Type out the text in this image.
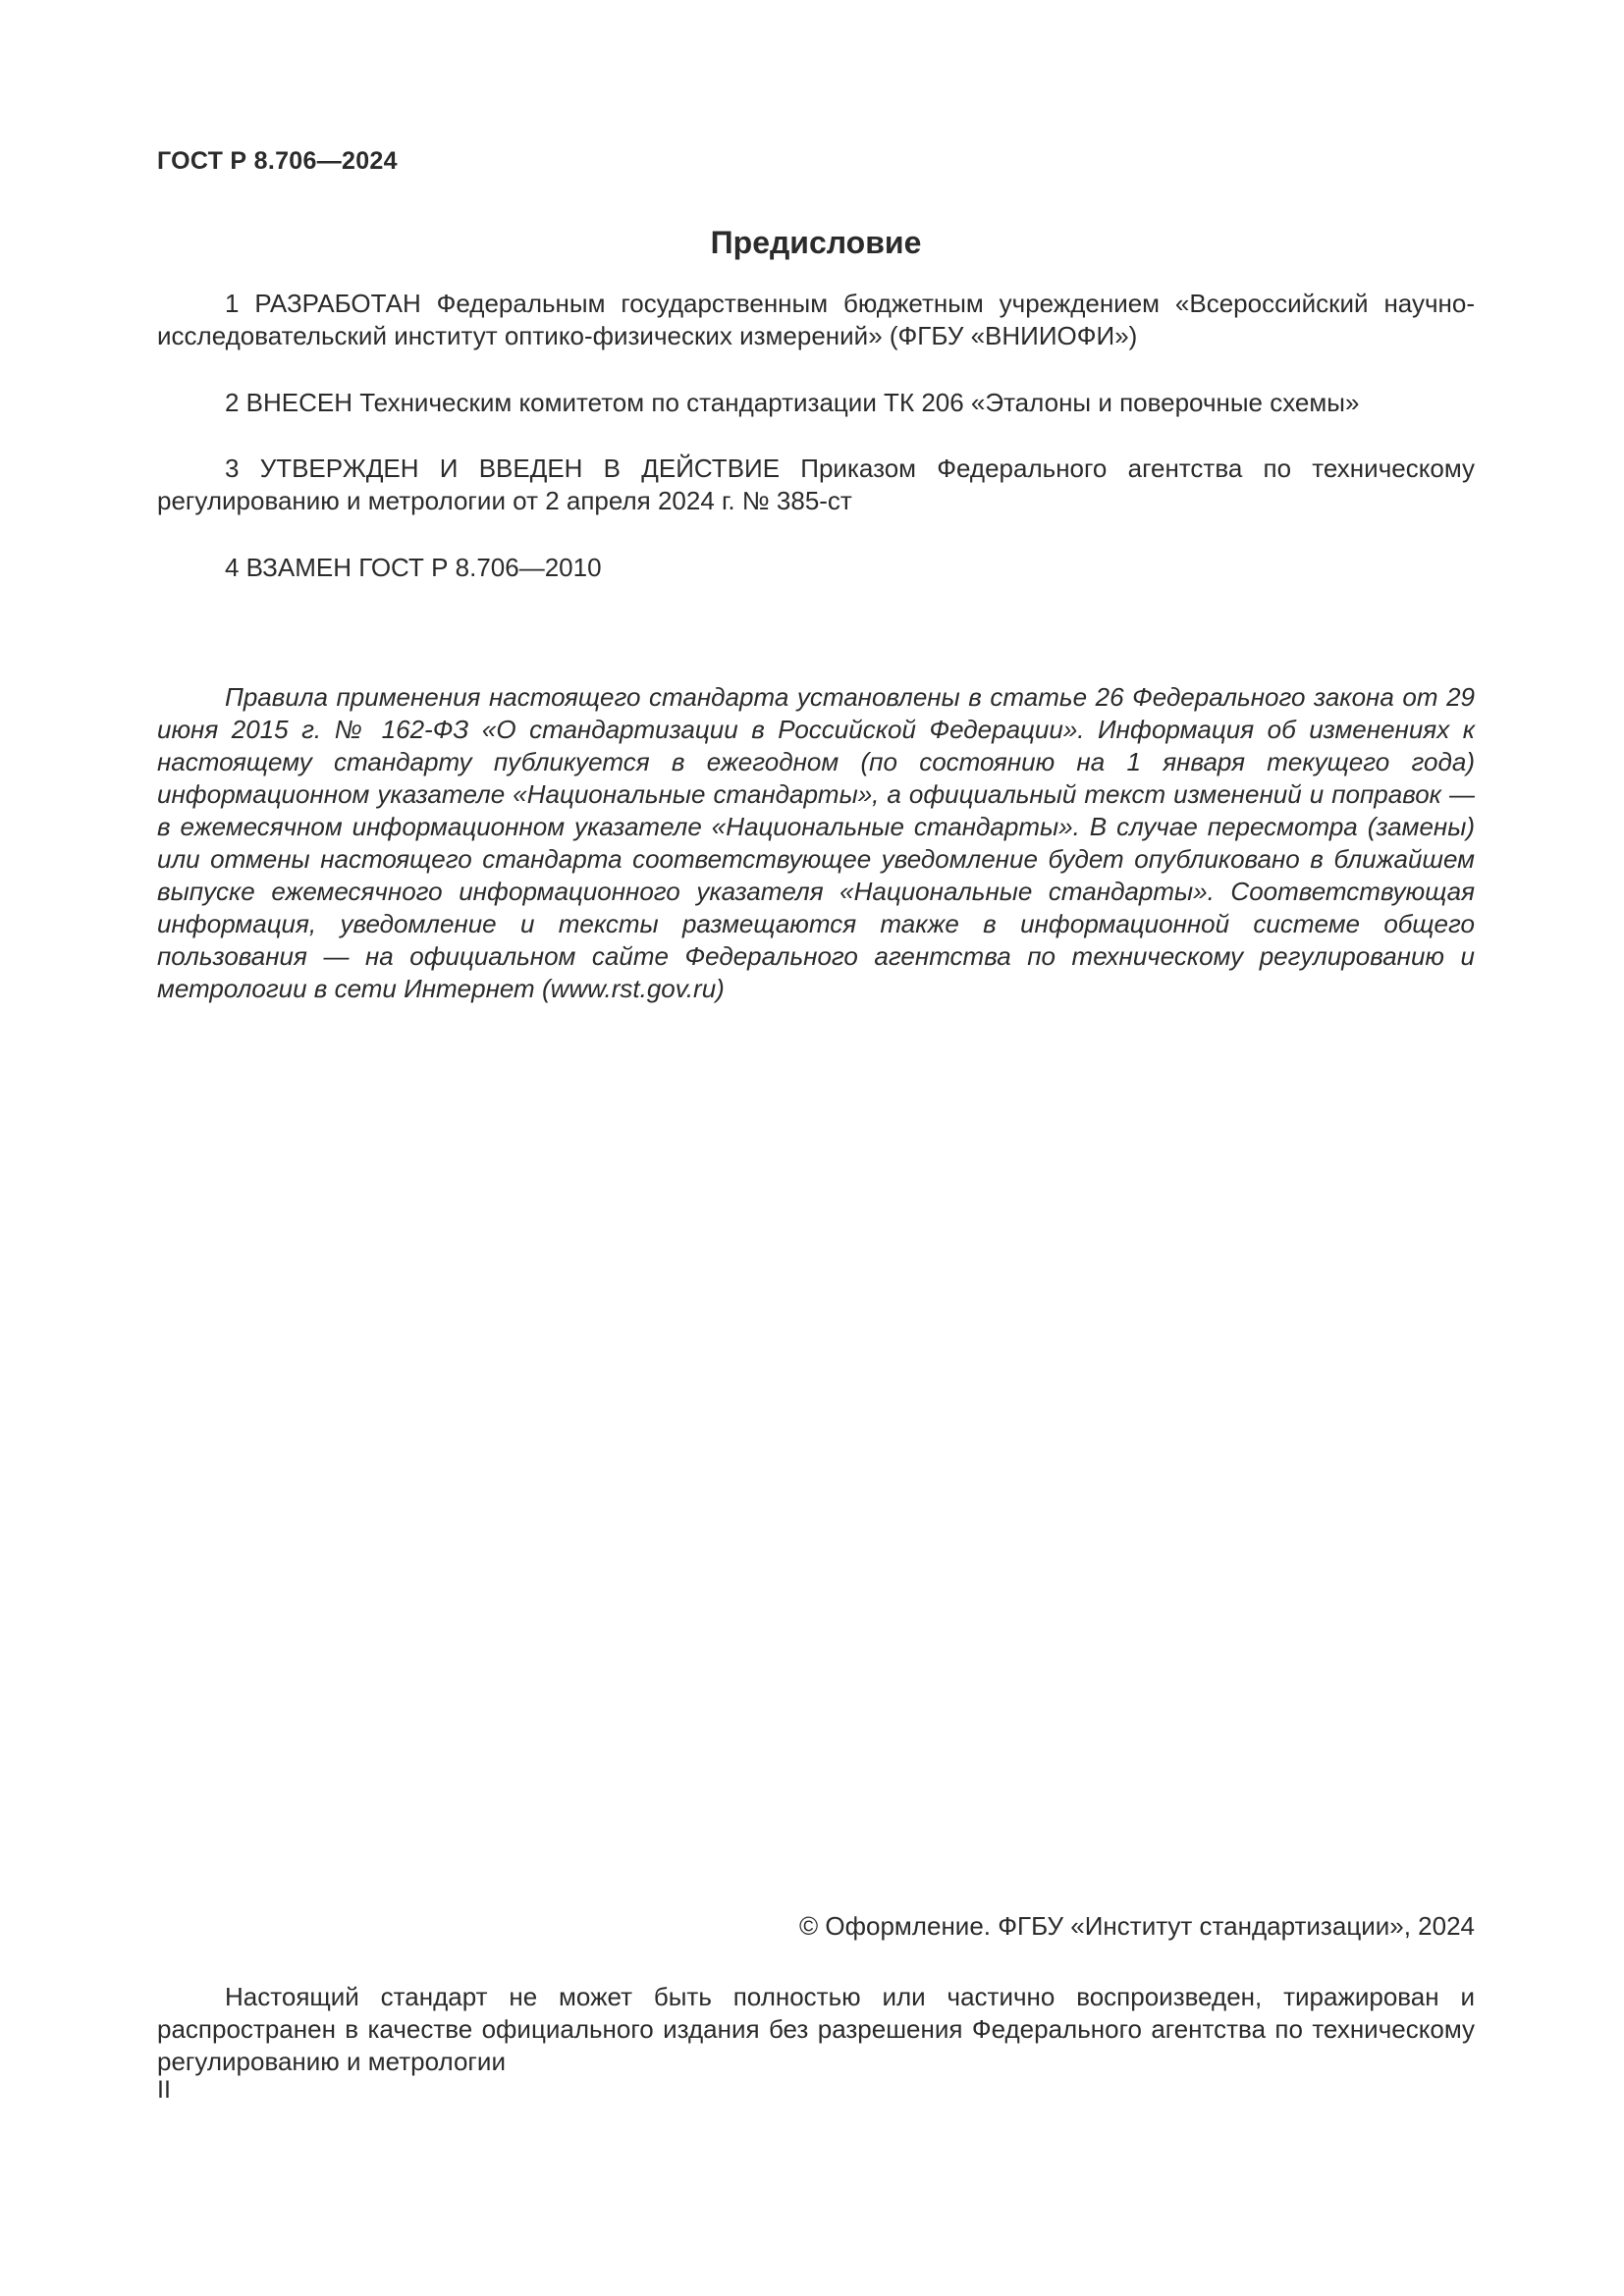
ГОСТ Р 8.706—2024
Предисловие
1 РАЗРАБОТАН Федеральным государственным бюджетным учреждением «Всероссийский научно-исследовательский институт оптико-физических измерений» (ФГБУ «ВНИИОФИ»)
2 ВНЕСЕН Техническим комитетом по стандартизации ТК 206 «Эталоны и поверочные схемы»
3 УТВЕРЖДЕН И ВВЕДЕН В ДЕЙСТВИЕ Приказом Федерального агентства по техническому регулированию и метрологии от 2 апреля 2024 г. № 385-ст
4 ВЗАМЕН ГОСТ Р 8.706—2010
Правила применения настоящего стандарта установлены в статье 26 Федерального закона от 29 июня 2015 г. № 162-ФЗ «О стандартизации в Российской Федерации». Информация об изменениях к настоящему стандарту публикуется в ежегодном (по состоянию на 1 января текущего года) информационном указателе «Национальные стандарты», а официальный текст изменений и поправок — в ежемесячном информационном указателе «Национальные стандарты». В случае пересмотра (замены) или отмены настоящего стандарта соответствующее уведомление будет опубликовано в ближайшем выпуске ежемесячного информационного указателя «Национальные стандарты». Соответствующая информация, уведомление и тексты размещаются также в информационной системе общего пользования — на официальном сайте Федерального агентства по техническому регулированию и метрологии в сети Интернет (www.rst.gov.ru)
© Оформление. ФГБУ «Институт стандартизации», 2024
Настоящий стандарт не может быть полностью или частично воспроизведен, тиражирован и распространен в качестве официального издания без разрешения Федерального агентства по техническому регулированию и метрологии
II
